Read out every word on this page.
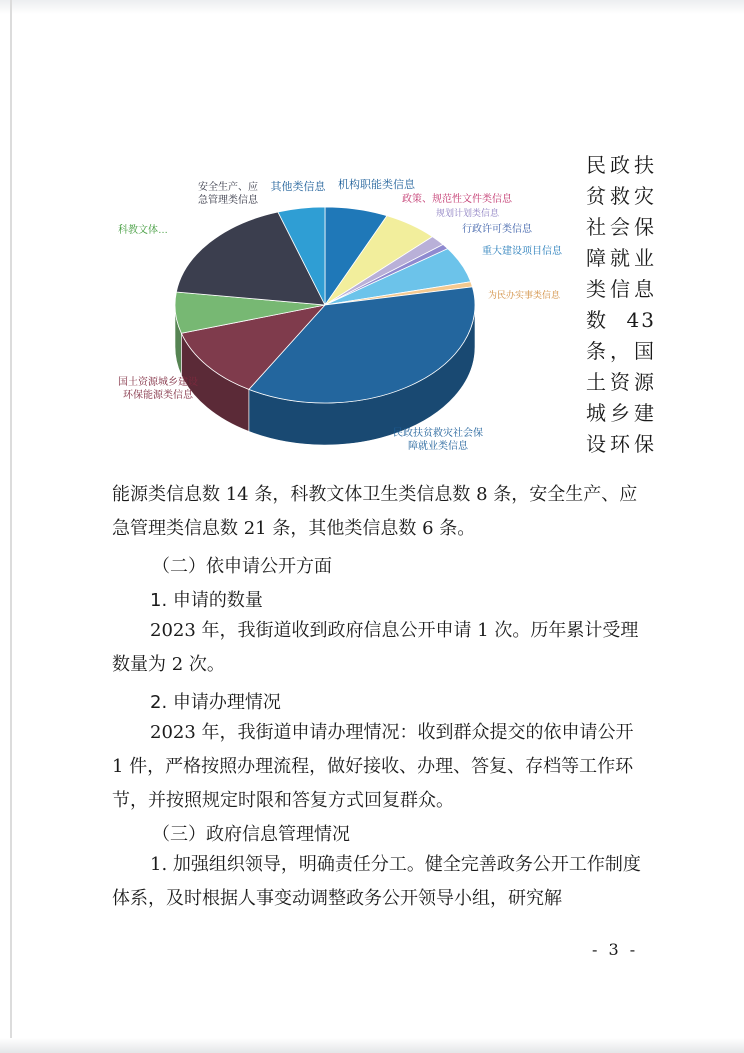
机构职能类信息
政策、规范性文件类信息
规划计划类信息
行政许可类信息
重大建设项目信息
为民办实事类信息
民政扶贫救灾社会保障就业类信息
国土资源城乡建设环保能源类信息
科教文体…
安全生产、应急管理类信息
其他类信息
民政扶贫救灾社会保障就业类信息数 43条，国土资源城乡建设环保
能源类信息数 14 条，科教文体卫生类信息数 8 条，安全生产、应急管理类信息数 21 条，其他类信息数 6 条。
（二）依申请公开方面
1. 申请的数量
2023 年，我街道收到政府信息公开申请 1 次。历年累计受理数量为 2 次。
2. 申请办理情况
2023 年，我街道申请办理情况：收到群众提交的依申请公开 1 件，严格按照办理流程，做好接收、办理、答复、存档等工作环节，并按照规定时限和答复方式回复群众。
（三）政府信息管理情况
1. 加强组织领导，明确责任分工。健全完善政务公开工作制度体系，及时根据人事变动调整政务公开领导小组，研究解
- 3 -
